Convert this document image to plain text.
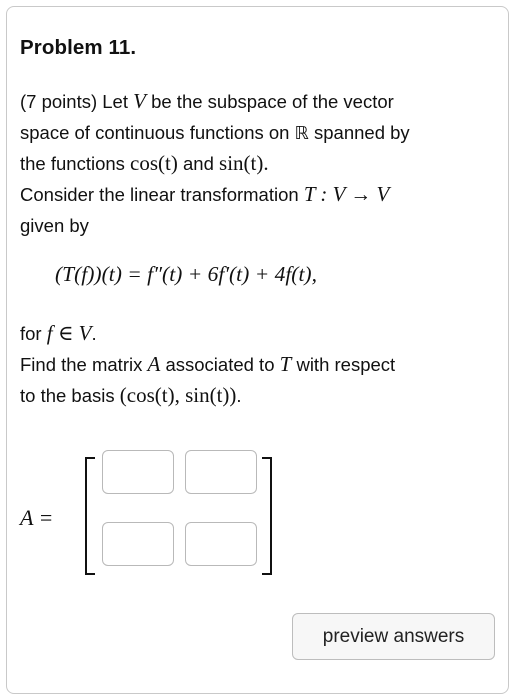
Problem 11.
(7 points) Let V be the subspace of the vector
space of continuous functions on ℝ spanned by
the functions cos(t) and sin(t).
Consider the linear transformation T : V → V
given by
(T(f))(t) = f″(t) + 6f′(t) + 4f(t),
for f ∈ V.
Find the matrix A associated to T with respect
to the basis (cos(t), sin(t)).
A =
preview answers
